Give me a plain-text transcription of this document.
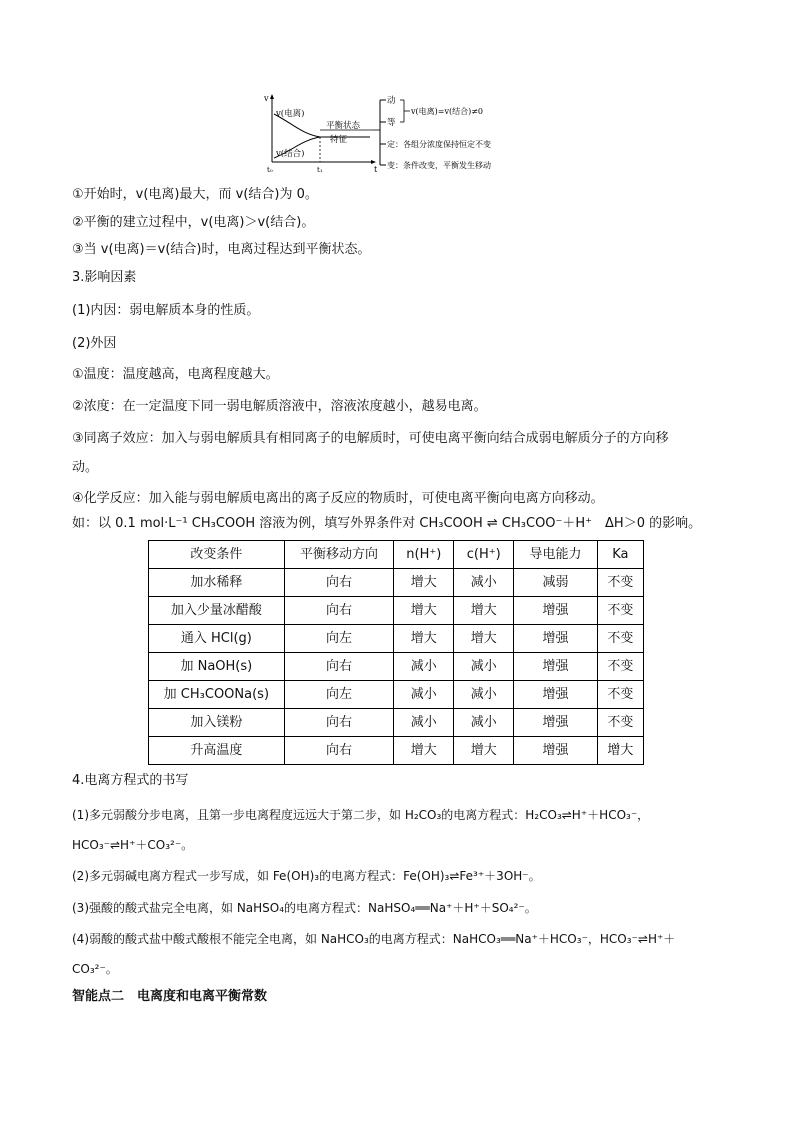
v
t
t₀	t₁
v(电离)
v(结合)
平衡状态
特征
动
等
v(电离)=v(结合)≠0
定：各组分浓度保持恒定不变
变：条件改变，平衡发生移动
①开始时，v(电离)最大，而 v(结合)为 0。
②平衡的建立过程中，v(电离)＞v(结合)。
③当 v(电离)＝v(结合)时，电离过程达到平衡状态。
3.影响因素
(1)内因：弱电解质本身的性质。
(2)外因
①温度：温度越高，电离程度越大。
②浓度：在一定温度下同一弱电解质溶液中，溶液浓度越小，越易电离。
③同离子效应：加入与弱电解质具有相同离子的电解质时，可使电离平衡向结合成弱电解质分子的方向移
动。
④化学反应：加入能与弱电解质电离出的离子反应的物质时，可使电离平衡向电离方向移动。
如：以 0.1 mol·L⁻¹ CH₃COOH 溶液为例，填写外界条件对 CH₃COOH ⇌ CH₃COO⁻＋H⁺　ΔH＞0 的影响。
改变条件	平衡移动方向	n(H⁺)	c(H⁺)	导电能力	Ka
加水稀释	向右	增大	减小	减弱	不变
加入少量冰醋酸	向右	增大	增大	增强	不变
通入 HCl(g)	向左	增大	增大	增强	不变
加 NaOH(s)	向右	减小	减小	增强	不变
加 CH₃COONa(s)	向左	减小	减小	增强	不变
加入镁粉	向右	减小	减小	增强	不变
升高温度	向右	增大	增大	增强	增大
4.电离方程式的书写
(1)多元弱酸分步电离，且第一步电离程度远远大于第二步，如 H₂CO₃的电离方程式：H₂CO₃⇌H⁺＋HCO₃⁻，
HCO₃⁻⇌H⁺＋CO₃²⁻。
(2)多元弱碱电离方程式一步写成，如 Fe(OH)₃的电离方程式：Fe(OH)₃⇌Fe³⁺＋3OH⁻。
(3)强酸的酸式盐完全电离，如 NaHSO₄的电离方程式：NaHSO₄══Na⁺＋H⁺＋SO₄²⁻。
(4)弱酸的酸式盐中酸式酸根不能完全电离，如 NaHCO₃的电离方程式：NaHCO₃══Na⁺＋HCO₃⁻，HCO₃⁻⇌H⁺＋
CO₃²⁻。
智能点二　电离度和电离平衡常数
